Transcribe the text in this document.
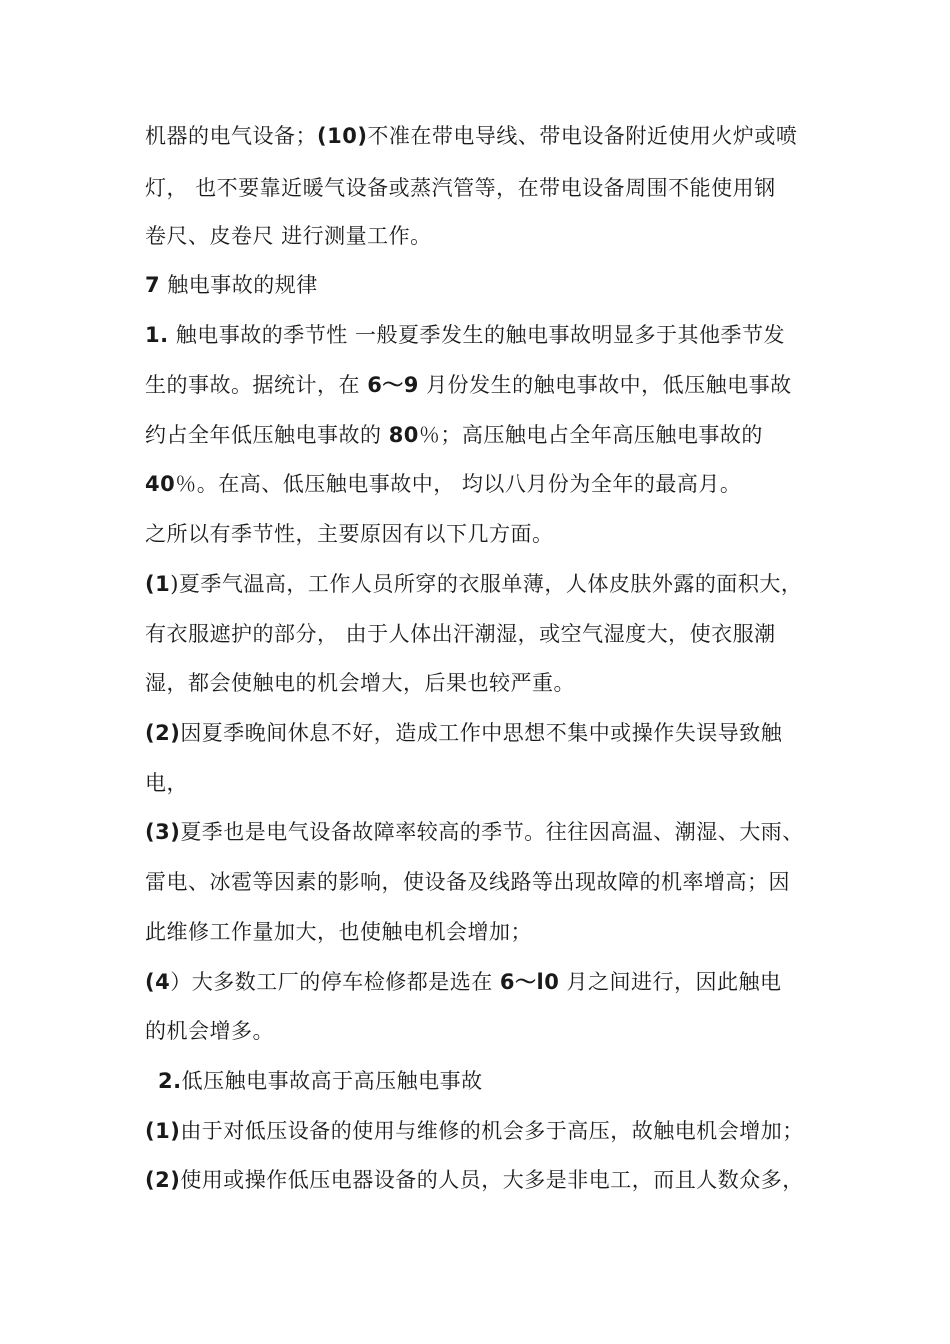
机器的电气设备；(10)不准在带电导线、带电设备附近使用火炉或喷
灯， 也不要靠近暖气设备或蒸汽管等，在带电设备周围不能使用钢
卷尺、皮卷尺 进行测量工作。
7 触电事故的规律
1. 触电事故的季节性 一般夏季发生的触电事故明显多于其他季节发
生的事故。据统计，在 6～9 月份发生的触电事故中，低压触电事故
约占全年低压触电事故的 80％；高压触电占全年高压触电事故的
40％。在高、低压触电事故中， 均以八月份为全年的最高月。
之所以有季节性，主要原因有以下几方面。
(1)夏季气温高，工作人员所穿的衣服单薄，人体皮肤外露的面积大，
有衣服遮护的部分， 由于人体出汗潮湿，或空气湿度大，使衣服潮
湿，都会使触电的机会增大，后果也较严重。
(2)因夏季晚间休息不好，造成工作中思想不集中或操作失误导致触
电，
(3)夏季也是电气设备故障率较高的季节。往往因高温、潮湿、大雨、
雷电、冰雹等因素的影响，使设备及线路等出现故障的机率增高；因
此维修工作量加大，也使触电机会增加；
(4）大多数工厂的停车检修都是选在 6～l0 月之间进行，因此触电
的机会增多。
2.低压触电事故高于高压触电事故
(1)由于对低压设备的使用与维修的机会多于高压，故触电机会增加；
(2)使用或操作低压电器设备的人员，大多是非电工，而且人数众多，
